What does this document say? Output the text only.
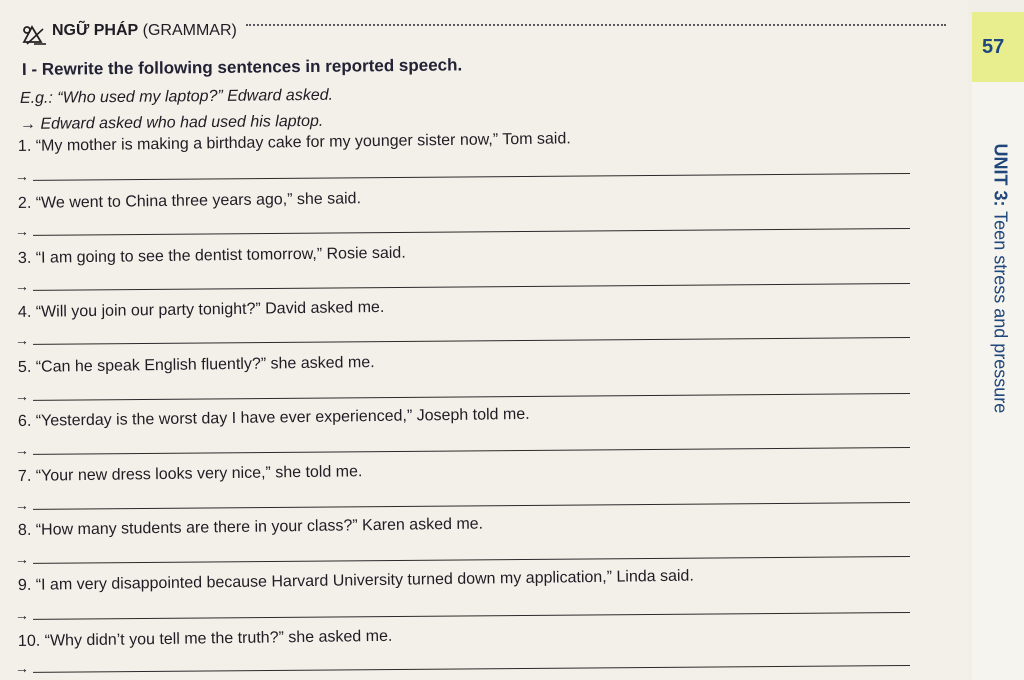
NGỮ PHÁP (GRAMMAR)
I - Rewrite the following sentences in reported speech.
E.g.: “Who used my laptop?” Edward asked.
→ Edward asked who had used his laptop.
1. “My mother is making a birthday cake for my younger sister now,” Tom said.
→
2. “We went to China three years ago,” she said.
→
3. “I am going to see the dentist tomorrow,” Rosie said.
→
4. “Will you join our party tonight?” David asked me.
→
5. “Can he speak English fluently?” she asked me.
→
6. “Yesterday is the worst day I have ever experienced,” Joseph told me.
→
7. “Your new dress looks very nice,” she told me.
→
8. “How many students are there in your class?” Karen asked me.
→
9. “I am very disappointed because Harvard University turned down my application,” Linda said.
→
10. “Why didn’t you tell me the truth?” she asked me.
→
57
UNIT 3: Teen stress and pressure
